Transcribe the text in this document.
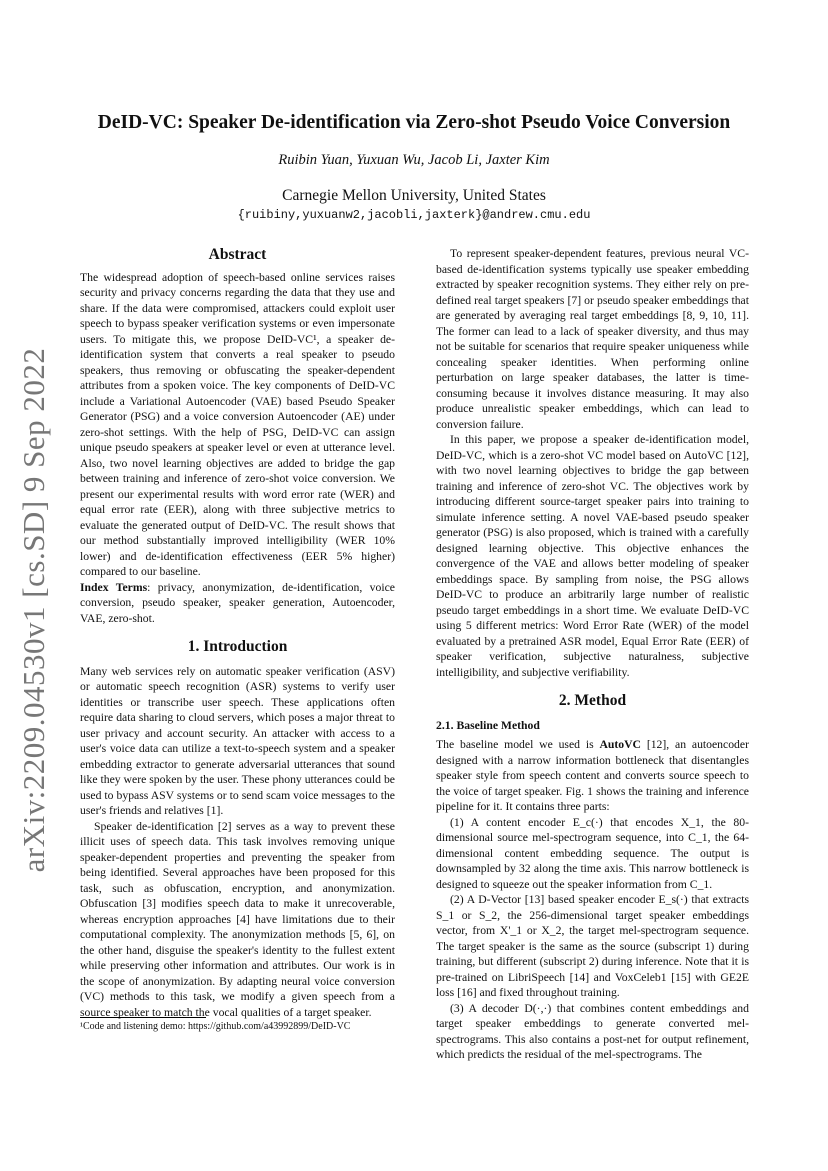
arXiv:2209.04530v1 [cs.SD] 9 Sep 2022
DeID-VC: Speaker De-identification via Zero-shot Pseudo Voice Conversion
Ruibin Yuan, Yuxuan Wu, Jacob Li, Jaxter Kim
Carnegie Mellon University, United States
{ruibiny,yuxuanw2,jacobli,jaxterk}@andrew.cmu.edu
Abstract

The widespread adoption of speech-based online services raises security and privacy concerns regarding the data that they use and share. If the data were compromised, attackers could exploit user speech to bypass speaker verification systems or even impersonate users. To mitigate this, we propose DeID-VC¹, a speaker de-identification system that converts a real speaker to pseudo speakers, thus removing or obfuscating the speaker-dependent attributes from a spoken voice. The key components of DeID-VC include a Variational Autoencoder (VAE) based Pseudo Speaker Generator (PSG) and a voice conversion Autoencoder (AE) under zero-shot settings. With the help of PSG, DeID-VC can assign unique pseudo speakers at speaker level or even at utterance level. Also, two novel learning objectives are added to bridge the gap between training and inference of zero-shot voice conversion. We present our experimental results with word error rate (WER) and equal error rate (EER), along with three subjective metrics to evaluate the generated output of DeID-VC. The result shows that our method substantially improved intelligibility (WER 10% lower) and de-identification effectiveness (EER 5% higher) compared to our baseline.

Index Terms: privacy, anonymization, de-identification, voice conversion, pseudo speaker, speaker generation, Autoencoder, VAE, zero-shot.

1. Introduction

Many web services rely on automatic speaker verification (ASV) or automatic speech recognition (ASR) systems to verify user identities or transcribe user speech. These applications often require data sharing to cloud servers, which poses a major threat to user privacy and account security. An attacker with access to a user's voice data can utilize a text-to-speech system and a speaker embedding extractor to generate adversarial utterances that sound like they were spoken by the user. These phony utterances could be used to bypass ASV systems or to send scam voice messages to the user's friends and relatives [1].

Speaker de-identification [2] serves as a way to prevent these illicit uses of speech data. This task involves removing unique speaker-dependent properties and preventing the speaker from being identified. Several approaches have been proposed for this task, such as obfuscation, encryption, and anonymization. Obfuscation [3] modifies speech data to make it unrecoverable, whereas encryption approaches [4] have limitations due to their computational complexity. The anonymization methods [5, 6], on the other hand, disguise the speaker's identity to the fullest extent while preserving other information and attributes. Our work is in the scope of anonymization. By adapting neural voice conversion (VC) methods to this task, we modify a given speech from a source speaker to match the vocal qualities of a target speaker.

To represent speaker-dependent features, previous neural VC-based de-identification systems typically use speaker embedding extracted by speaker recognition systems. They either rely on pre-defined real target speakers [7] or pseudo speaker embeddings that are generated by averaging real target embeddings [8, 9, 10, 11]. The former can lead to a lack of speaker diversity, and thus may not be suitable for scenarios that require speaker uniqueness while concealing speaker identities. When performing online perturbation on large speaker databases, the latter is time-consuming because it involves distance measuring. It may also produce unrealistic speaker embeddings, which can lead to conversion failure.

In this paper, we propose a speaker de-identification model, DeID-VC, which is a zero-shot VC model based on AutoVC [12], with two novel learning objectives to bridge the gap between training and inference of zero-shot VC. The objectives work by introducing different source-target speaker pairs into training to simulate inference setting. A novel VAE-based pseudo speaker generator (PSG) is also proposed, which is trained with a carefully designed learning objective. This objective enhances the convergence of the VAE and allows better modeling of speaker embeddings space. By sampling from noise, the PSG allows DeID-VC to produce an arbitrarily large number of realistic pseudo target embeddings in a short time. We evaluate DeID-VC using 5 different metrics: Word Error Rate (WER) of the model evaluated by a pretrained ASR model, Equal Error Rate (EER) of speaker verification, subjective naturalness, subjective intelligibility, and subjective verifiability.

2. Method
2.1. Baseline Method

The baseline model we used is AutoVC [12], an autoencoder designed with a narrow information bottleneck that disentangles speaker style from speech content and converts source speech to the voice of target speaker. Fig. 1 shows the training and inference pipeline for it. It contains three parts:

(1) A content encoder E_c(·) that encodes X_1, the 80-dimensional source mel-spectrogram sequence, into C_1, the 64-dimensional content embedding sequence. The output is downsampled by 32 along the time axis. This narrow bottleneck is designed to squeeze out the speaker information from C_1.

(2) A D-Vector [13] based speaker encoder E_s(·) that extracts S_1 or S_2, the 256-dimensional target speaker embeddings vector, from X'_1 or X_2, the target mel-spectrogram sequence. The target speaker is the same as the source (subscript 1) during training, but different (subscript 2) during inference. Note that it is pre-trained on LibriSpeech [14] and VoxCeleb1 [15] with GE2E loss [16] and fixed throughout training.

(3) A decoder D(·,·) that combines content embeddings and target speaker embeddings to generate converted mel-spectrograms. This also contains a post-net for output refinement, which predicts the residual of the mel-spectrograms. The

¹Code and listening demo: https://github.com/a43992899/DeID-VC
